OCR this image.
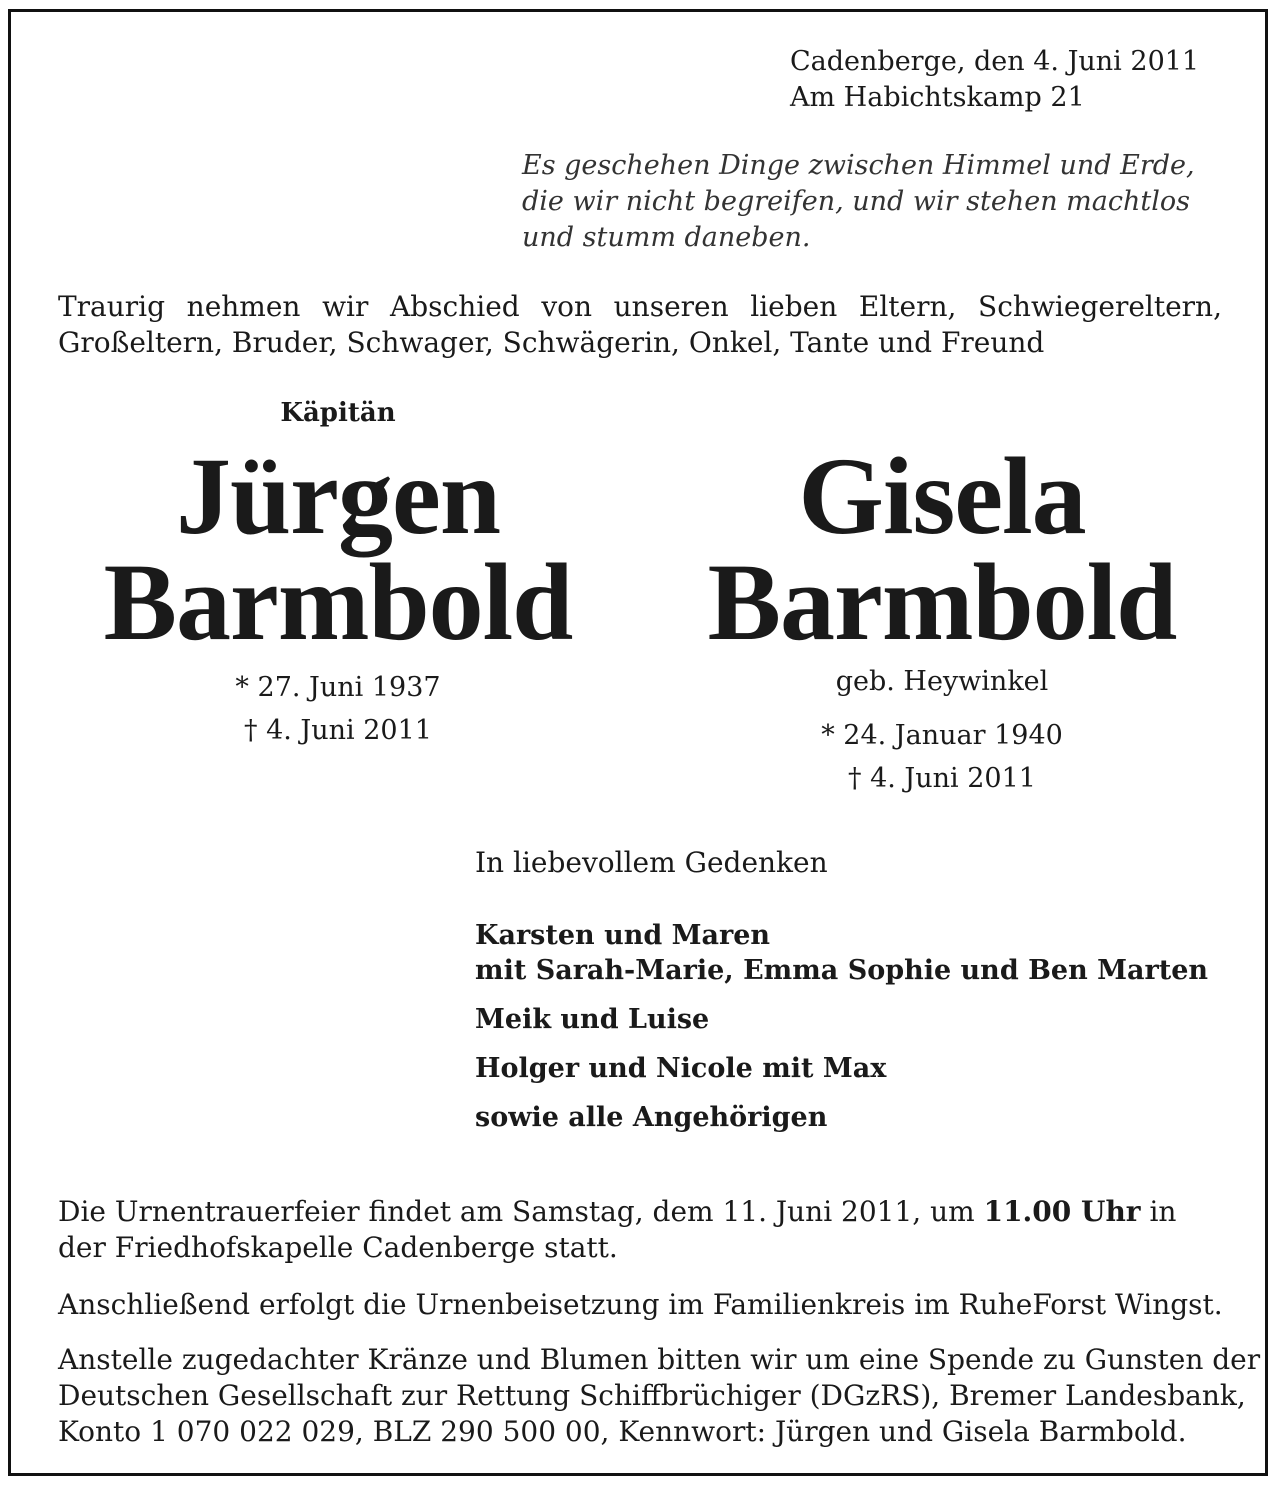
Cadenberge, den 4. Juni 2011
Am Habichtskamp 21
Es geschehen Dinge zwischen Himmel und Erde,
die wir nicht begreifen, und wir stehen machtlos
und stumm daneben.
Traurig nehmen wir Abschied von unseren lieben Eltern, Schwiegereltern,
Großeltern, Bruder, Schwager, Schwägerin, Onkel, Tante und Freund
Käpitän
Jürgen
Barmbold
* 27. Juni 1937
† 4. Juni 2011
Gisela
Barmbold
geb. Heywinkel
* 24. Januar 1940
† 4. Juni 2011
In liebevollem Gedenken
Karsten und Maren
mit Sarah-Marie, Emma Sophie und Ben Marten
Meik und Luise
Holger und Nicole mit Max
sowie alle Angehörigen
Die Urnentrauerfeier findet am Samstag, dem 11. Juni 2011, um 11.00 Uhr in
der Friedhofskapelle Cadenberge statt.
Anschließend erfolgt die Urnenbeisetzung im Familienkreis im RuheForst Wingst.
Anstelle zugedachter Kränze und Blumen bitten wir um eine Spende zu Gunsten der
Deutschen Gesellschaft zur Rettung Schiffbrüchiger (DGzRS), Bremer Landesbank,
Konto 1 070 022 029, BLZ 290 500 00, Kennwort: Jürgen und Gisela Barmbold.
